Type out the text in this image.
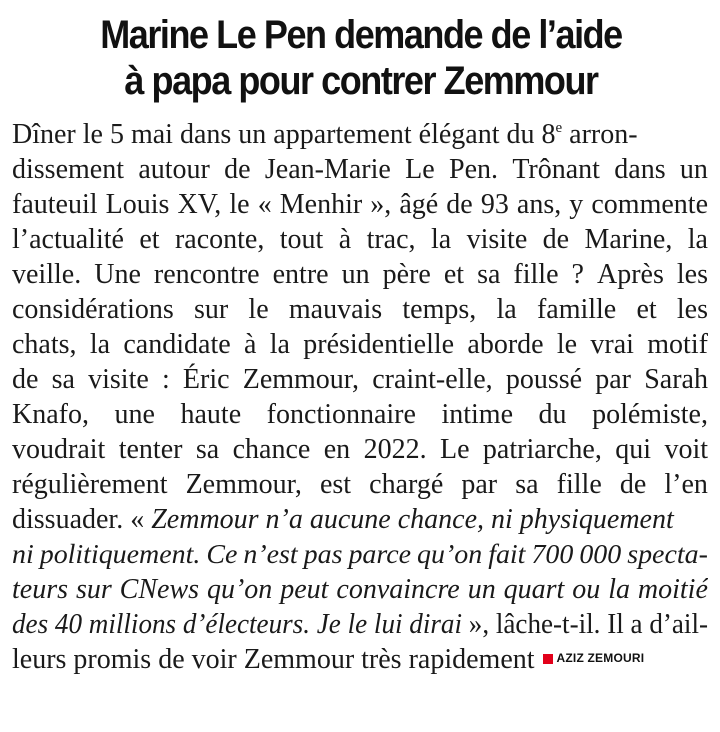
Marine Le Pen demande de l’aide
à papa pour contrer Zemmour
Dîner le 5 mai dans un appartement élégant du 8e arron-
dissement autour de Jean-Marie Le Pen. Trônant dans un
fauteuil Louis XV, le « Menhir », âgé de 93 ans, y commente
l’actualité et raconte, tout à trac, la visite de Marine, la
veille. Une rencontre entre un père et sa fille ? Après les
considérations sur le mauvais temps, la famille et les
chats, la candidate à la présidentielle aborde le vrai motif
de sa visite : Éric Zemmour, craint-elle, poussé par Sarah
Knafo, une haute fonctionnaire intime du polémiste,
voudrait tenter sa chance en 2022. Le patriarche, qui voit
régulièrement Zemmour, est chargé par sa fille de l’en
dissuader. « Zemmour n’a aucune chance, ni physiquement
ni politiquement. Ce n’est pas parce qu’on fait 700 000 specta-
teurs sur CNews qu’on peut convaincre un quart ou la moitié
des 40 millions d’électeurs. Je le lui dirai », lâche-t-il. Il a d’ail-
leurs promis de voir Zemmour très rapidement AZIZ ZEMOURI
